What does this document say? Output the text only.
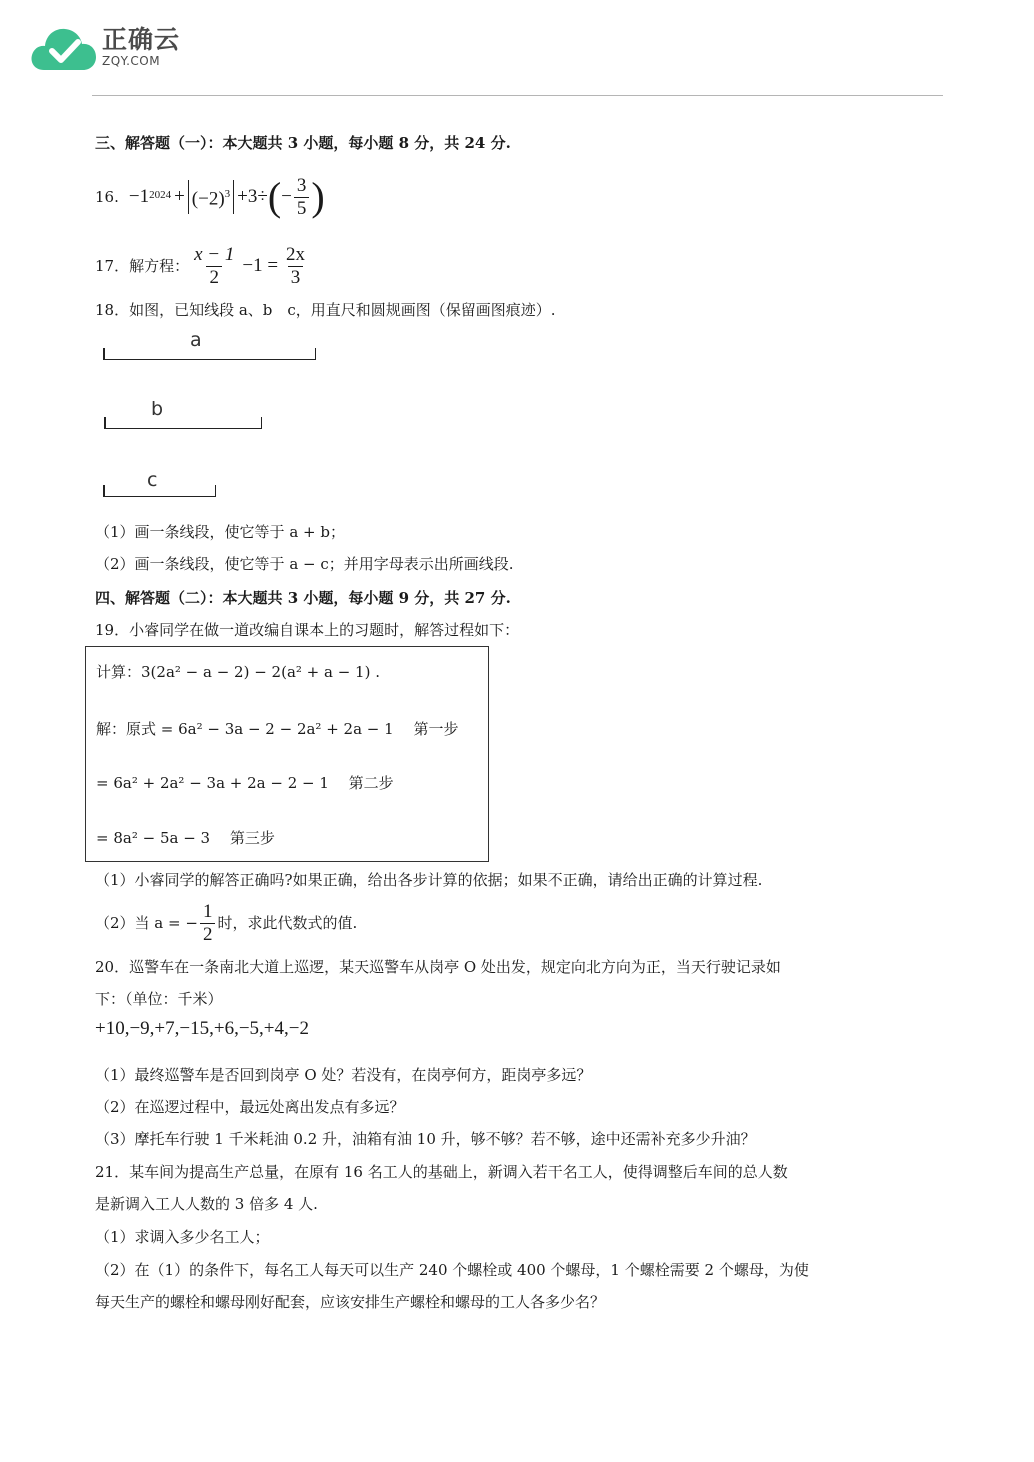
正确云
ZQY.COM
三、解答题（一）：本大题共 3 小题，每小题 8 分，共 24 分.
16. −1 $2024 + (-2)^3 +3\div$ ( − $\frac{3}{5}$ )
17．解方程： $\frac{x - 1}{2} -1 = \frac{2x}{3}$
18．如图，已知线段 a、b　c，用直尺和圆规画图（保留画图痕迹）.
a
b
c
（1）画一条线段，使它等于 a + b；
（2）画一条线段，使它等于 a − c；并用字母表示出所画线段.
四、解答题（二）：本大题共 3 小题，每小题 9 分，共 27 分.
19．小睿同学在做一道改编自课本上的习题时，解答过程如下：
计算：3(2a² − a − 2) − 2(a² + a − 1) .
解：原式 = 6a² − 3a − 2 − 2a² + 2a − 1　 第一步
= 6a² + 2a² − 3a + 2a − 2 − 1　 第二步
= 8a² − 5a − 3　 第三步
（1）小睿同学的解答正确吗?如果正确，给出各步计算的依据；如果不正确，请给出正确的计算过程.
（2）当 a = − $\frac{1}{2}$ 时，求此代数式的值.
20．巡警车在一条南北大道上巡逻，某天巡警车从岗亭 O 处出发，规定向北方向为正，当天行驶记录如
下：（单位：千米）
+10,−9,+7,−15,+6,−5,+4,−2
（1）最终巡警车是否回到岗亭 O 处？若没有，在岗亭何方，距岗亭多远？
（2）在巡逻过程中，最远处离出发点有多远？
（3）摩托车行驶 1 千米耗油 0.2 升，油箱有油 10 升，够不够？若不够，途中还需补充多少升油？
21．某车间为提高生产总量，在原有 16 名工人的基础上，新调入若干名工人，使得调整后车间的总人数
是新调入工人人数的 3 倍多 4 人.
（1）求调入多少名工人；
（2）在（1）的条件下，每名工人每天可以生产 240 个螺栓或 400 个螺母，1 个螺栓需要 2 个螺母，为使
每天生产的螺栓和螺母刚好配套，应该安排生产螺栓和螺母的工人各多少名？
